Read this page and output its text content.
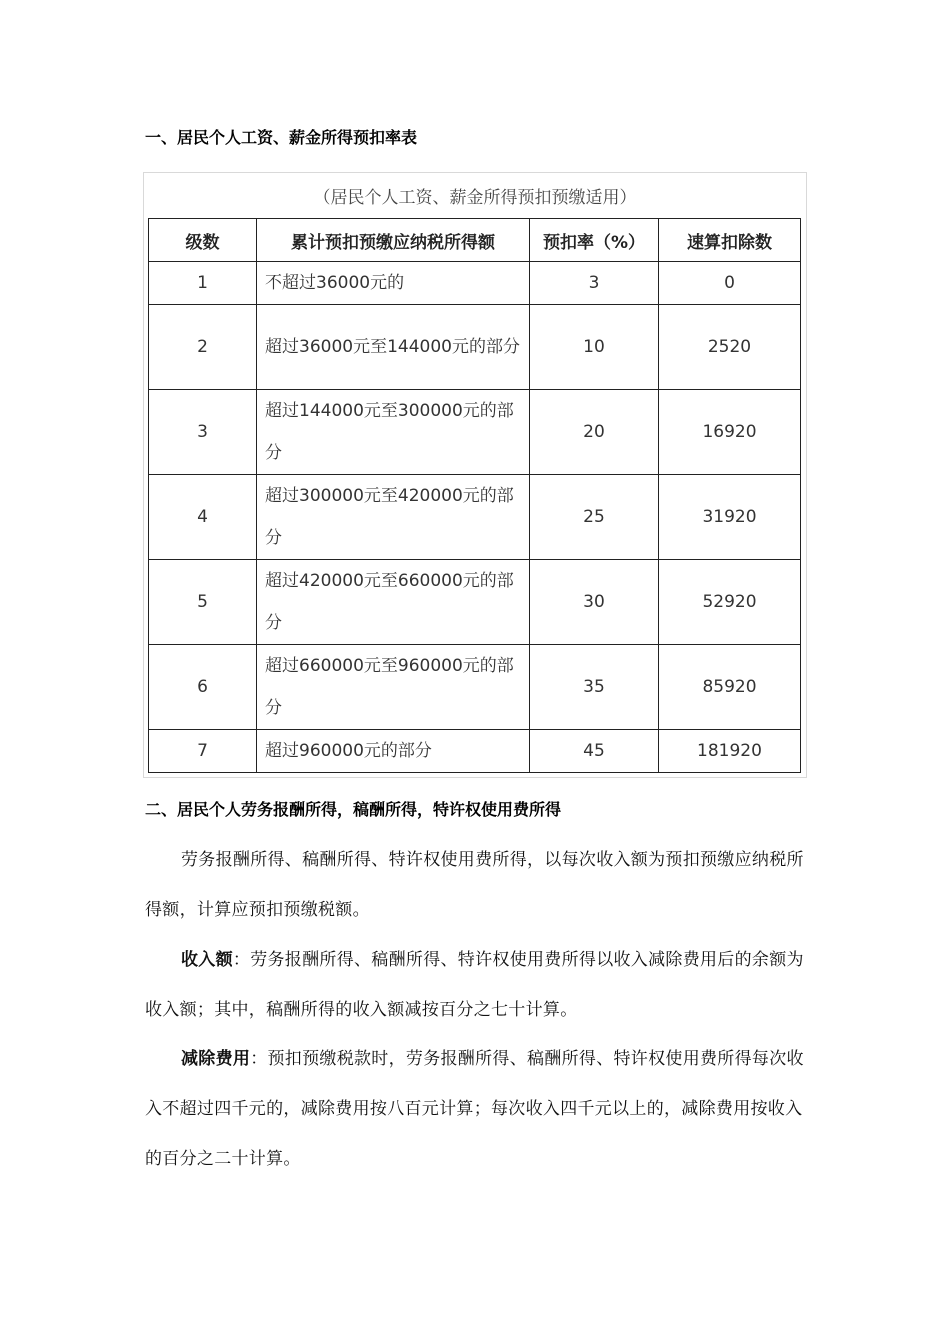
一、居民个人工资、薪金所得预扣率表
（居民个人工资、薪金所得预扣预缴适用）
级数	累计预扣预缴应纳税所得额	预扣率（%）	速算扣除数
1	不超过36000元的	3	0
2	超过36000元至144000元的部分	10	2520
3	超过144000元至300000元的部分	20	16920
4	超过300000元至420000元的部分	25	31920
5	超过420000元至660000元的部分	30	52920
6	超过660000元至960000元的部分	35	85920
7	超过960000元的部分	45	181920
二、居民个人劳务报酬所得，稿酬所得，特许权使用费所得
劳务报酬所得、稿酬所得、特许权使用费所得，以每次收入额为预扣预缴应纳税所得额，计算应预扣预缴税额。
收入额：劳务报酬所得、稿酬所得、特许权使用费所得以收入减除费用后的余额为收入额；其中，稿酬所得的收入额减按百分之七十计算。
减除费用：预扣预缴税款时，劳务报酬所得、稿酬所得、特许权使用费所得每次收入不超过四千元的，减除费用按八百元计算；每次收入四千元以上的，减除费用按收入的百分之二十计算。
